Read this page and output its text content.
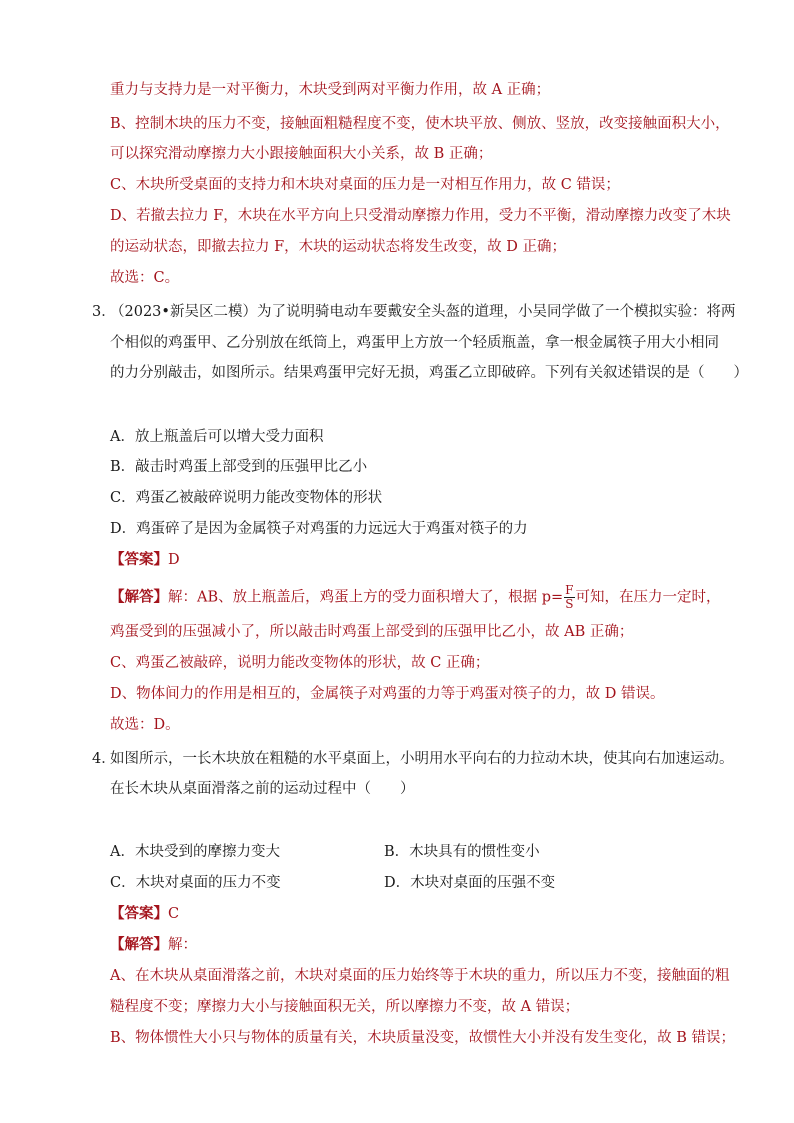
重力与支持力是一对平衡力，木块受到两对平衡力作用，故 A 正确；
B、控制木块的压力不变，接触面粗糙程度不变，使木块平放、侧放、竖放，改变接触面积大小，
可以探究滑动摩擦力大小跟接触面积大小关系，故 B 正确；
C、木块所受桌面的支持力和木块对桌面的压力是一对相互作用力，故 C 错误；
D、若撤去拉力 F，木块在水平方向上只受滑动摩擦力作用，受力不平衡，滑动摩擦力改变了木块
的运动状态，即撤去拉力 F，木块的运动状态将发生改变，故 D 正确；
故选：C。
3．
（2023•新吴区二模）为了说明骑电动车要戴安全头盔的道理，小吴同学做了一个模拟实验：将两
个相似的鸡蛋甲、乙分别放在纸筒上，鸡蛋甲上方放一个轻质瓶盖，拿一根金属筷子用大小相同
的力分别敲击，如图所示。结果鸡蛋甲完好无损，鸡蛋乙立即破碎。下列有关叙述错误的是（　　）
A．放上瓶盖后可以增大受力面积
B．敲击时鸡蛋上部受到的压强甲比乙小
C．鸡蛋乙被敲碎说明力能改变物体的形状
D．鸡蛋碎了是因为金属筷子对鸡蛋的力远远大于鸡蛋对筷子的力
【答案】D
【解答】解：AB、放上瓶盖后，鸡蛋上方的受力面积增大了，根据 $p= \frac{F}{S}$ 可知，在压力一定时，
鸡蛋受到的压强减小了，所以敲击时鸡蛋上部受到的压强甲比乙小，故 AB 正确；
C、鸡蛋乙被敲碎，说明力能改变物体的形状，故 C 正确；
D、物体间力的作用是相互的，金属筷子对鸡蛋的力等于鸡蛋对筷子的力，故 D 错误。
故选：D。
4．
如图所示，一长木块放在粗糙的水平桌面上，小明用水平向右的力拉动木块，使其向右加速运动。
在长木块从桌面滑落之前的运动过程中（　　）
A．木块受到的摩擦力变大	B．木块具有的惯性变小
C．木块对桌面的压力不变	D．木块对桌面的压强不变
【答案】C
【解答】解：
A、在木块从桌面滑落之前，木块对桌面的压力始终等于木块的重力，所以压力不变，接触面的粗
糙程度不变；摩擦力大小与接触面积无关，所以摩擦力不变，故 A 错误；
B、物体惯性大小只与物体的质量有关，木块质量没变，故惯性大小并没有发生变化，故 B 错误；
